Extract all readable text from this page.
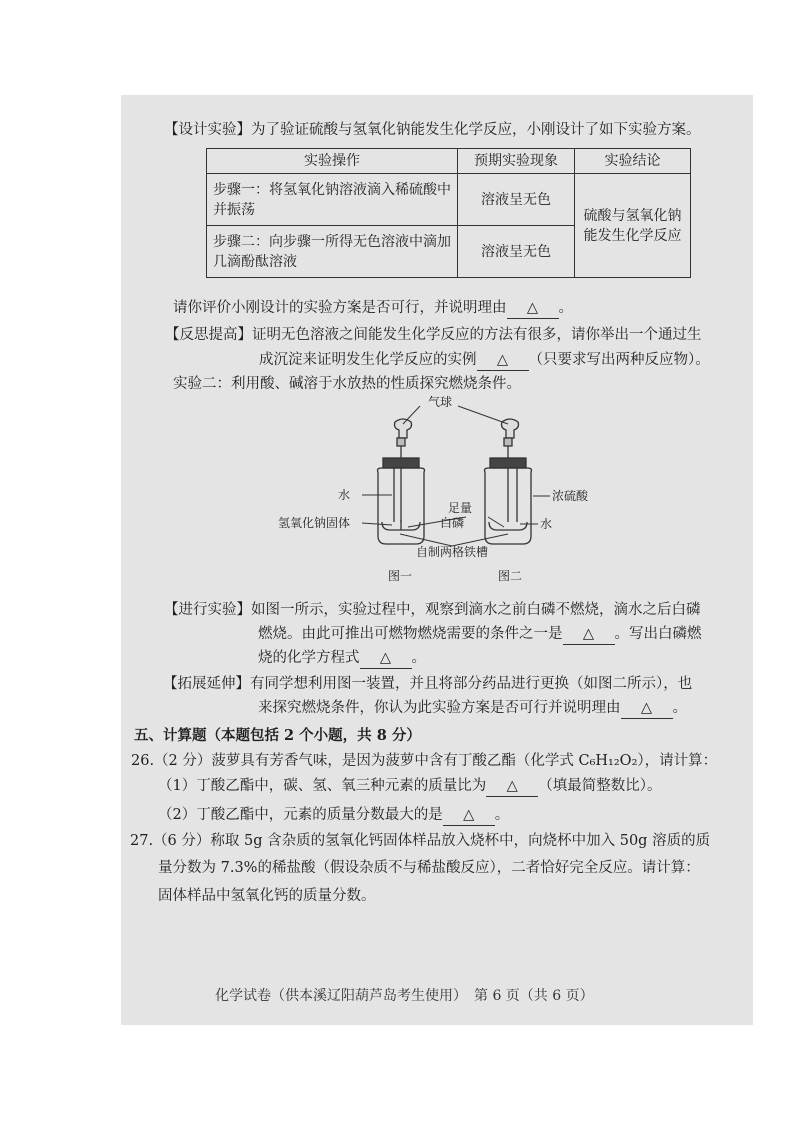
【设计实验】为了验证硫酸与氢氧化钠能发生化学反应，小刚设计了如下实验方案。
实验操作	预期实验现象	实验结论
步骤一：将氢氧化钠溶液滴入稀硫酸中并振荡	溶液呈无色	硫酸与氢氧化钠能发生化学反应
步骤二：向步骤一所得无色溶液中滴加几滴酚酞溶液	溶液呈无色	
请你评价小刚设计的实验方案是否可行，并说明理由 △ 。
【反思提高】证明无色溶液之间能发生化学反应的方法有很多，请你举出一个通过生
成沉淀来证明发生化学反应的实例 △ （只要求写出两种反应物）。
实验二：利用酸、碱溶于水放热的性质探究燃烧条件。
气球
水
氢氧化钠固体
足量
白磷
浓硫酸
水
自制两格铁槽
图一	图二
【进行实验】如图一所示，实验过程中，观察到滴水之前白磷不燃烧，滴水之后白磷
燃烧。由此可推出可燃物燃烧需要的条件之一是 △ 。写出白磷燃
烧的化学方程式 △ 。
【拓展延伸】有同学想利用图一装置，并且将部分药品进行更换（如图二所示），也
来探究燃烧条件，你认为此实验方案是否可行并说明理由 △ 。
五、计算题（本题包括 2 个小题，共 8 分）
26.（2 分）菠萝具有芳香气味，是因为菠萝中含有丁酸乙酯（化学式 C₆H₁₂O₂），请计算：
（1）丁酸乙酯中，碳、氢、氧三种元素的质量比为 △ （填最简整数比）。
（2）丁酸乙酯中，元素的质量分数最大的是 △ 。
27.（6 分）称取 5g 含杂质的氢氧化钙固体样品放入烧杯中，向烧杯中加入 50g 溶质的质
量分数为 7.3%的稀盐酸（假设杂质不与稀盐酸反应），二者恰好完全反应。请计算：
固体样品中氢氧化钙的质量分数。
化学试卷（供本溪辽阳葫芦岛考生使用）　第 6 页（共 6 页）
